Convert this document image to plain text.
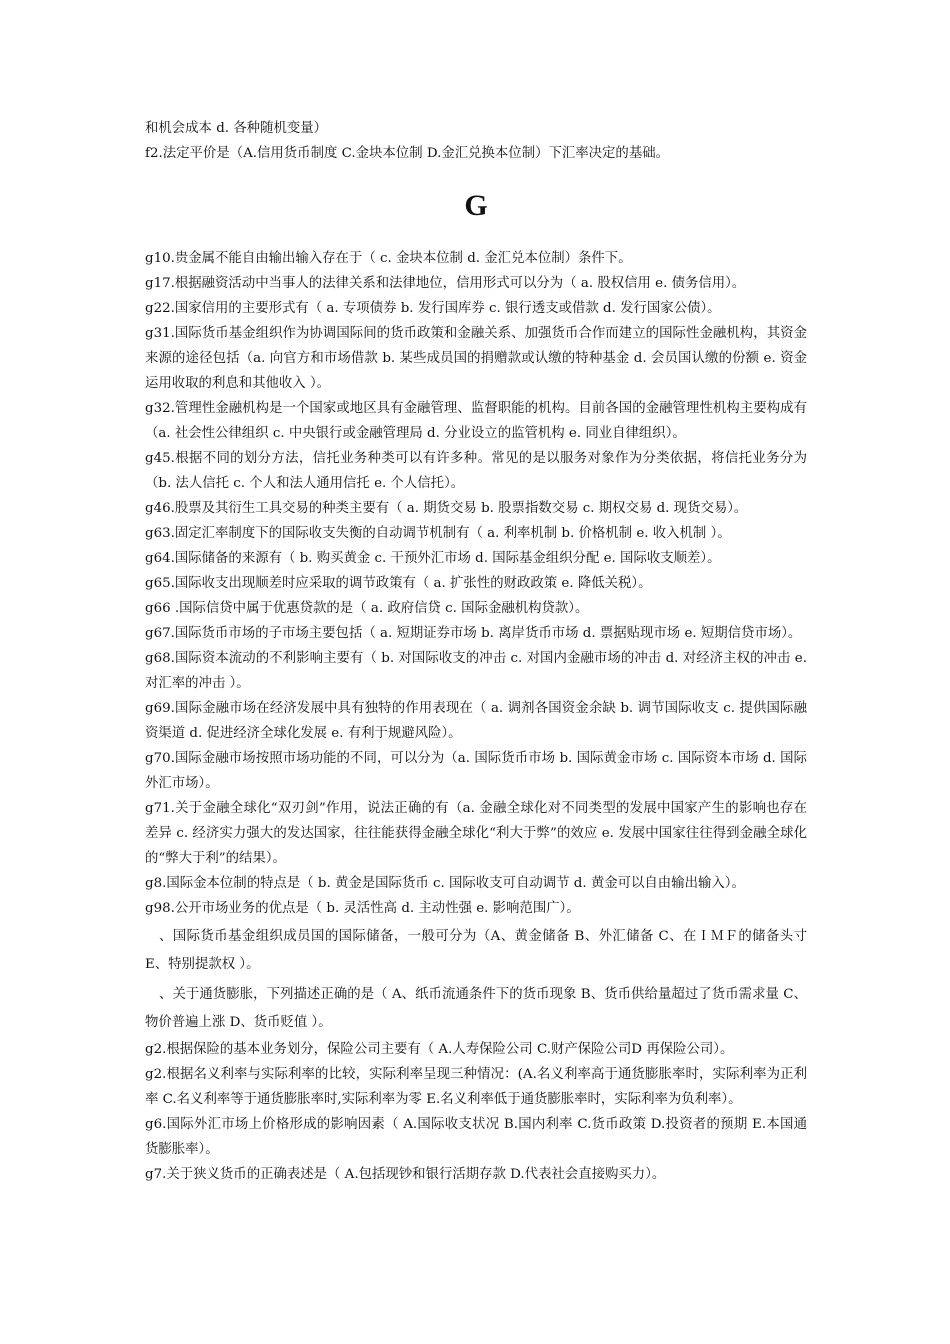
和机会成本 d. 各种随机变量）

f2.法定平价是（A.信用货币制度 C.金块本位制 D.金汇兑换本位制）下汇率决定的基础。

G

g10.贵金属不能自由输出输入存在于（ c. 金块本位制 d. 金汇兑本位制）条件下。

g17.根据融资活动中当事人的法律关系和法律地位，信用形式可以分为（ a. 股权信用 e. 债务信用）。

g22.国家信用的主要形式有（ a. 专项债券 b. 发行国库券 c. 银行透支或借款 d. 发行国家公债）。

g31.国际货币基金组织作为协调国际间的货币政策和金融关系、加强货币合作而建立的国际性金融机构，其资金来源的途径包括（a. 向官方和市场借款 b. 某些成员国的捐赠款或认缴的特种基金 d. 会员国认缴的份额 e. 资金运用收取的利息和其他收入 ）。

g32.管理性金融机构是一个国家或地区具有金融管理、监督职能的机构。目前各国的金融管理性机构主要构成有（a. 社会性公律组织 c. 中央银行或金融管理局 d. 分业设立的监管机构 e. 同业自律组织）。

g45.根据不同的划分方法，信托业务种类可以有许多种。常见的是以服务对象作为分类依据，将信托业务分为（b. 法人信托 c. 个人和法人通用信托 e. 个人信托）。

g46.股票及其衍生工具交易的种类主要有（ a. 期货交易 b. 股票指数交易 c. 期权交易 d. 现货交易）。

g63.固定汇率制度下的国际收支失衡的自动调节机制有（ a. 利率机制 b. 价格机制 e. 收入机制 ）。

g64.国际储备的来源有（ b. 购买黄金 c. 干预外汇市场 d. 国际基金组织分配 e. 国际收支顺差）。

g65.国际收支出现顺差时应采取的调节政策有（ a. 扩张性的财政政策 e. 降低关税）。

g66 .国际信贷中属于优惠贷款的是（ a. 政府信贷 c. 国际金融机构贷款）。

g67.国际货币市场的子市场主要包括（ a. 短期证券市场 b. 离岸货币市场 d. 票据贴现市场 e. 短期信贷市场）。

g68.国际资本流动的不利影响主要有（ b. 对国际收支的冲击 c. 对国内金融市场的冲击 d. 对经济主权的冲击 e. 对汇率的冲击 ）。

g69.国际金融市场在经济发展中具有独特的作用表现在（ a. 调剂各国资金余缺 b. 调节国际收支 c. 提供国际融资渠道 d. 促进经济全球化发展 e. 有利于规避风险）。

g70.国际金融市场按照市场功能的不同，可以分为（a. 国际货币市场 b. 国际黄金市场 c. 国际资本市场 d. 国际外汇市场）。

g71.关于金融全球化“双刃剑”作用，说法正确的有（a. 金融全球化对不同类型的发展中国家产生的影响也存在差异 c. 经济实力强大的发达国家，往往能获得金融全球化“利大于弊”的效应 e. 发展中国家往往得到金融全球化的“弊大于利”的结果）。

g8.国际金本位制的特点是（ b. 黄金是国际货币 c. 国际收支可自动调节 d. 黄金可以自由输出输入）。

g98.公开市场业务的优点是（ b. 灵活性高 d. 主动性强 e. 影响范围广）。

、国际货币基金组织成员国的国际储备，一般可分为（A、黄金储备 B、外汇储备 C、在ＩＭＦ的储备头寸 E、特别提款权 ）。

、关于通货膨胀，下列描述正确的是（ A、纸币流通条件下的货币现象 B、货币供给量超过了货币需求量 C、物价普遍上涨 D、货币贬值 ）。

g2.根据保险的基本业务划分，保险公司主要有（ A.人寿保险公司 C.财产保险公司D 再保险公司）。

g2.根据名义利率与实际利率的比较，实际利率呈现三种情况：(A.名义利率高于通货膨胀率时，实际利率为正利率 C.名义利率等于通货膨胀率时,实际利率为零 E.名义利率低于通货膨胀率时，实际利率为负利率）。

g6.国际外汇市场上价格形成的影响因素（ A.国际收支状况 B.国内利率 C.货币政策 D.投资者的预期 E.本国通货膨胀率）。

g7.关于狭义货币的正确表述是（ A.包括现钞和银行活期存款 D.代表社会直接购买力）。
